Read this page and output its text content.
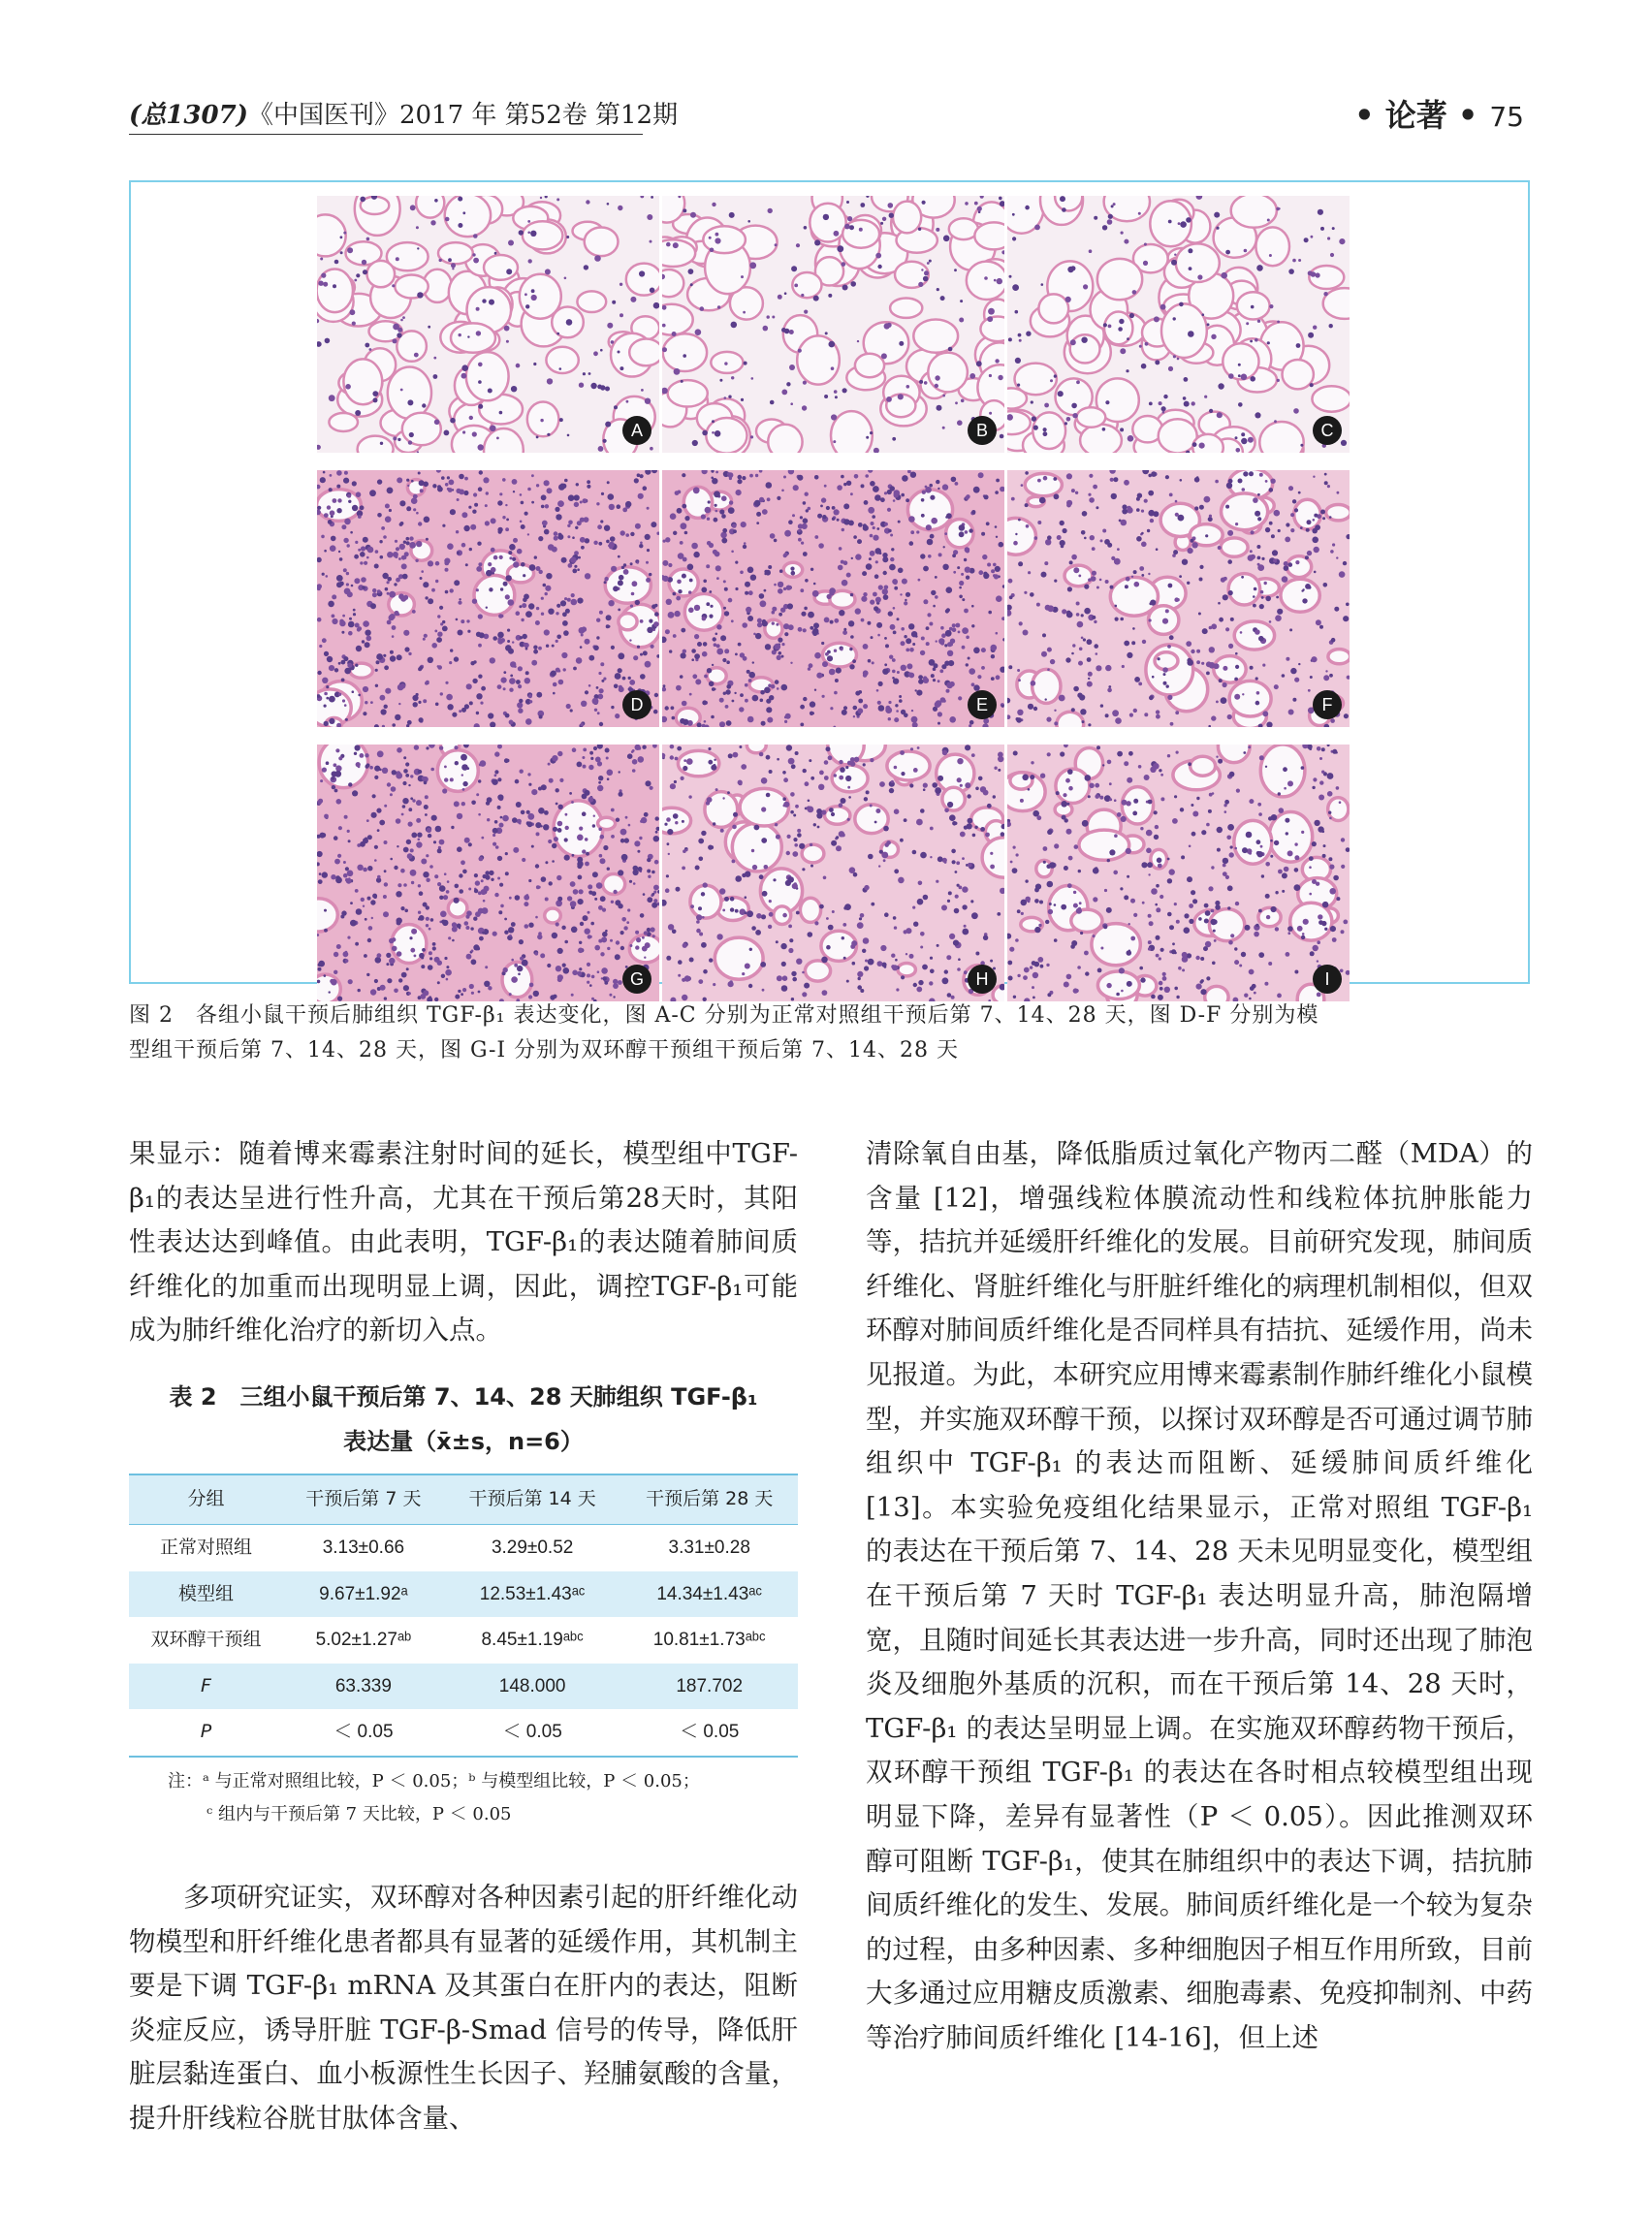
(总1307)《中国医刊》2017 年 第52卷 第12期	• 论著 • 75
A	B	C
D	E	F
G	H	I
图 2　各组小鼠干预后肺组织 TGF-β₁ 表达变化，图 A-C 分别为正常对照组干预后第 7、14、28 天，图 D-F 分别为模
型组干预后第 7、14、28 天，图 G-I 分别为双环醇干预组干预后第 7、14、28 天

果显示：随着博来霉素注射时间的延长，模型组中TGF-β₁的表达呈进行性升高，尤其在干预后第28天时，其阳性表达达到峰值。由此表明，TGF-β₁的表达随着肺间质纤维化的加重而出现明显上调，因此，调控TGF-β₁可能成为肺纤维化治疗的新切入点。

表 2　三组小鼠干预后第 7、14、28 天肺组织 TGF-β₁
表达量（x̄±s，n=6）
分组	干预后第 7 天	干预后第 14 天	干预后第 28 天
正常对照组	3.13±0.66	3.29±0.52	3.31±0.28
模型组	9.67±1.92ᵃ	12.53±1.43ᵃᶜ	14.34±1.43ᵃᶜ
双环醇干预组	5.02±1.27ᵃᵇ	8.45±1.19ᵃᵇᶜ	10.81±1.73ᵃᵇᶜ
F	63.339	148.000	187.702
P	＜ 0.05	＜ 0.05	＜ 0.05
注：ᵃ 与正常对照组比较，P ＜ 0.05；ᵇ 与模型组比较，P ＜ 0.05；
ᶜ 组内与干预后第 7 天比较，P ＜ 0.05

多项研究证实，双环醇对各种因素引起的肝纤维化动物模型和肝纤维化患者都具有显著的延缓作用，其机制主要是下调 TGF-β₁ mRNA 及其蛋白在肝内的表达，阻断炎症反应，诱导肝脏 TGF-β-Smad 信号的传导，降低肝脏层黏连蛋白、血小板源性生长因子、羟脯氨酸的含量，提升肝线粒谷胱甘肽体含量、

清除氧自由基，降低脂质过氧化产物丙二醛（MDA）的含量 [12]，增强线粒体膜流动性和线粒体抗肿胀能力等，拮抗并延缓肝纤维化的发展。目前研究发现，肺间质纤维化、肾脏纤维化与肝脏纤维化的病理机制相似，但双环醇对肺间质纤维化是否同样具有拮抗、延缓作用，尚未见报道。为此，本研究应用博来霉素制作肺纤维化小鼠模型，并实施双环醇干预，以探讨双环醇是否可通过调节肺组织中 TGF-β₁ 的表达而阻断、延缓肺间质纤维化 [13]。本实验免疫组化结果显示，正常对照组 TGF-β₁ 的表达在干预后第 7、14、28 天未见明显变化，模型组在干预后第 7 天时 TGF-β₁ 表达明显升高，肺泡隔增宽，且随时间延长其表达进一步升高，同时还出现了肺泡炎及细胞外基质的沉积，而在干预后第 14、28 天时，TGF-β₁ 的表达呈明显上调。在实施双环醇药物干预后，双环醇干预组 TGF-β₁ 的表达在各时相点较模型组出现明显下降，差异有显著性（P ＜ 0.05）。因此推测双环醇可阻断 TGF-β₁，使其在肺组织中的表达下调，拮抗肺间质纤维化的发生、发展。肺间质纤维化是一个较为复杂的过程，由多种因素、多种细胞因子相互作用所致，目前大多通过应用糖皮质激素、细胞毒素、免疫抑制剂、中药等治疗肺间质纤维化 [14-16]，但上述
